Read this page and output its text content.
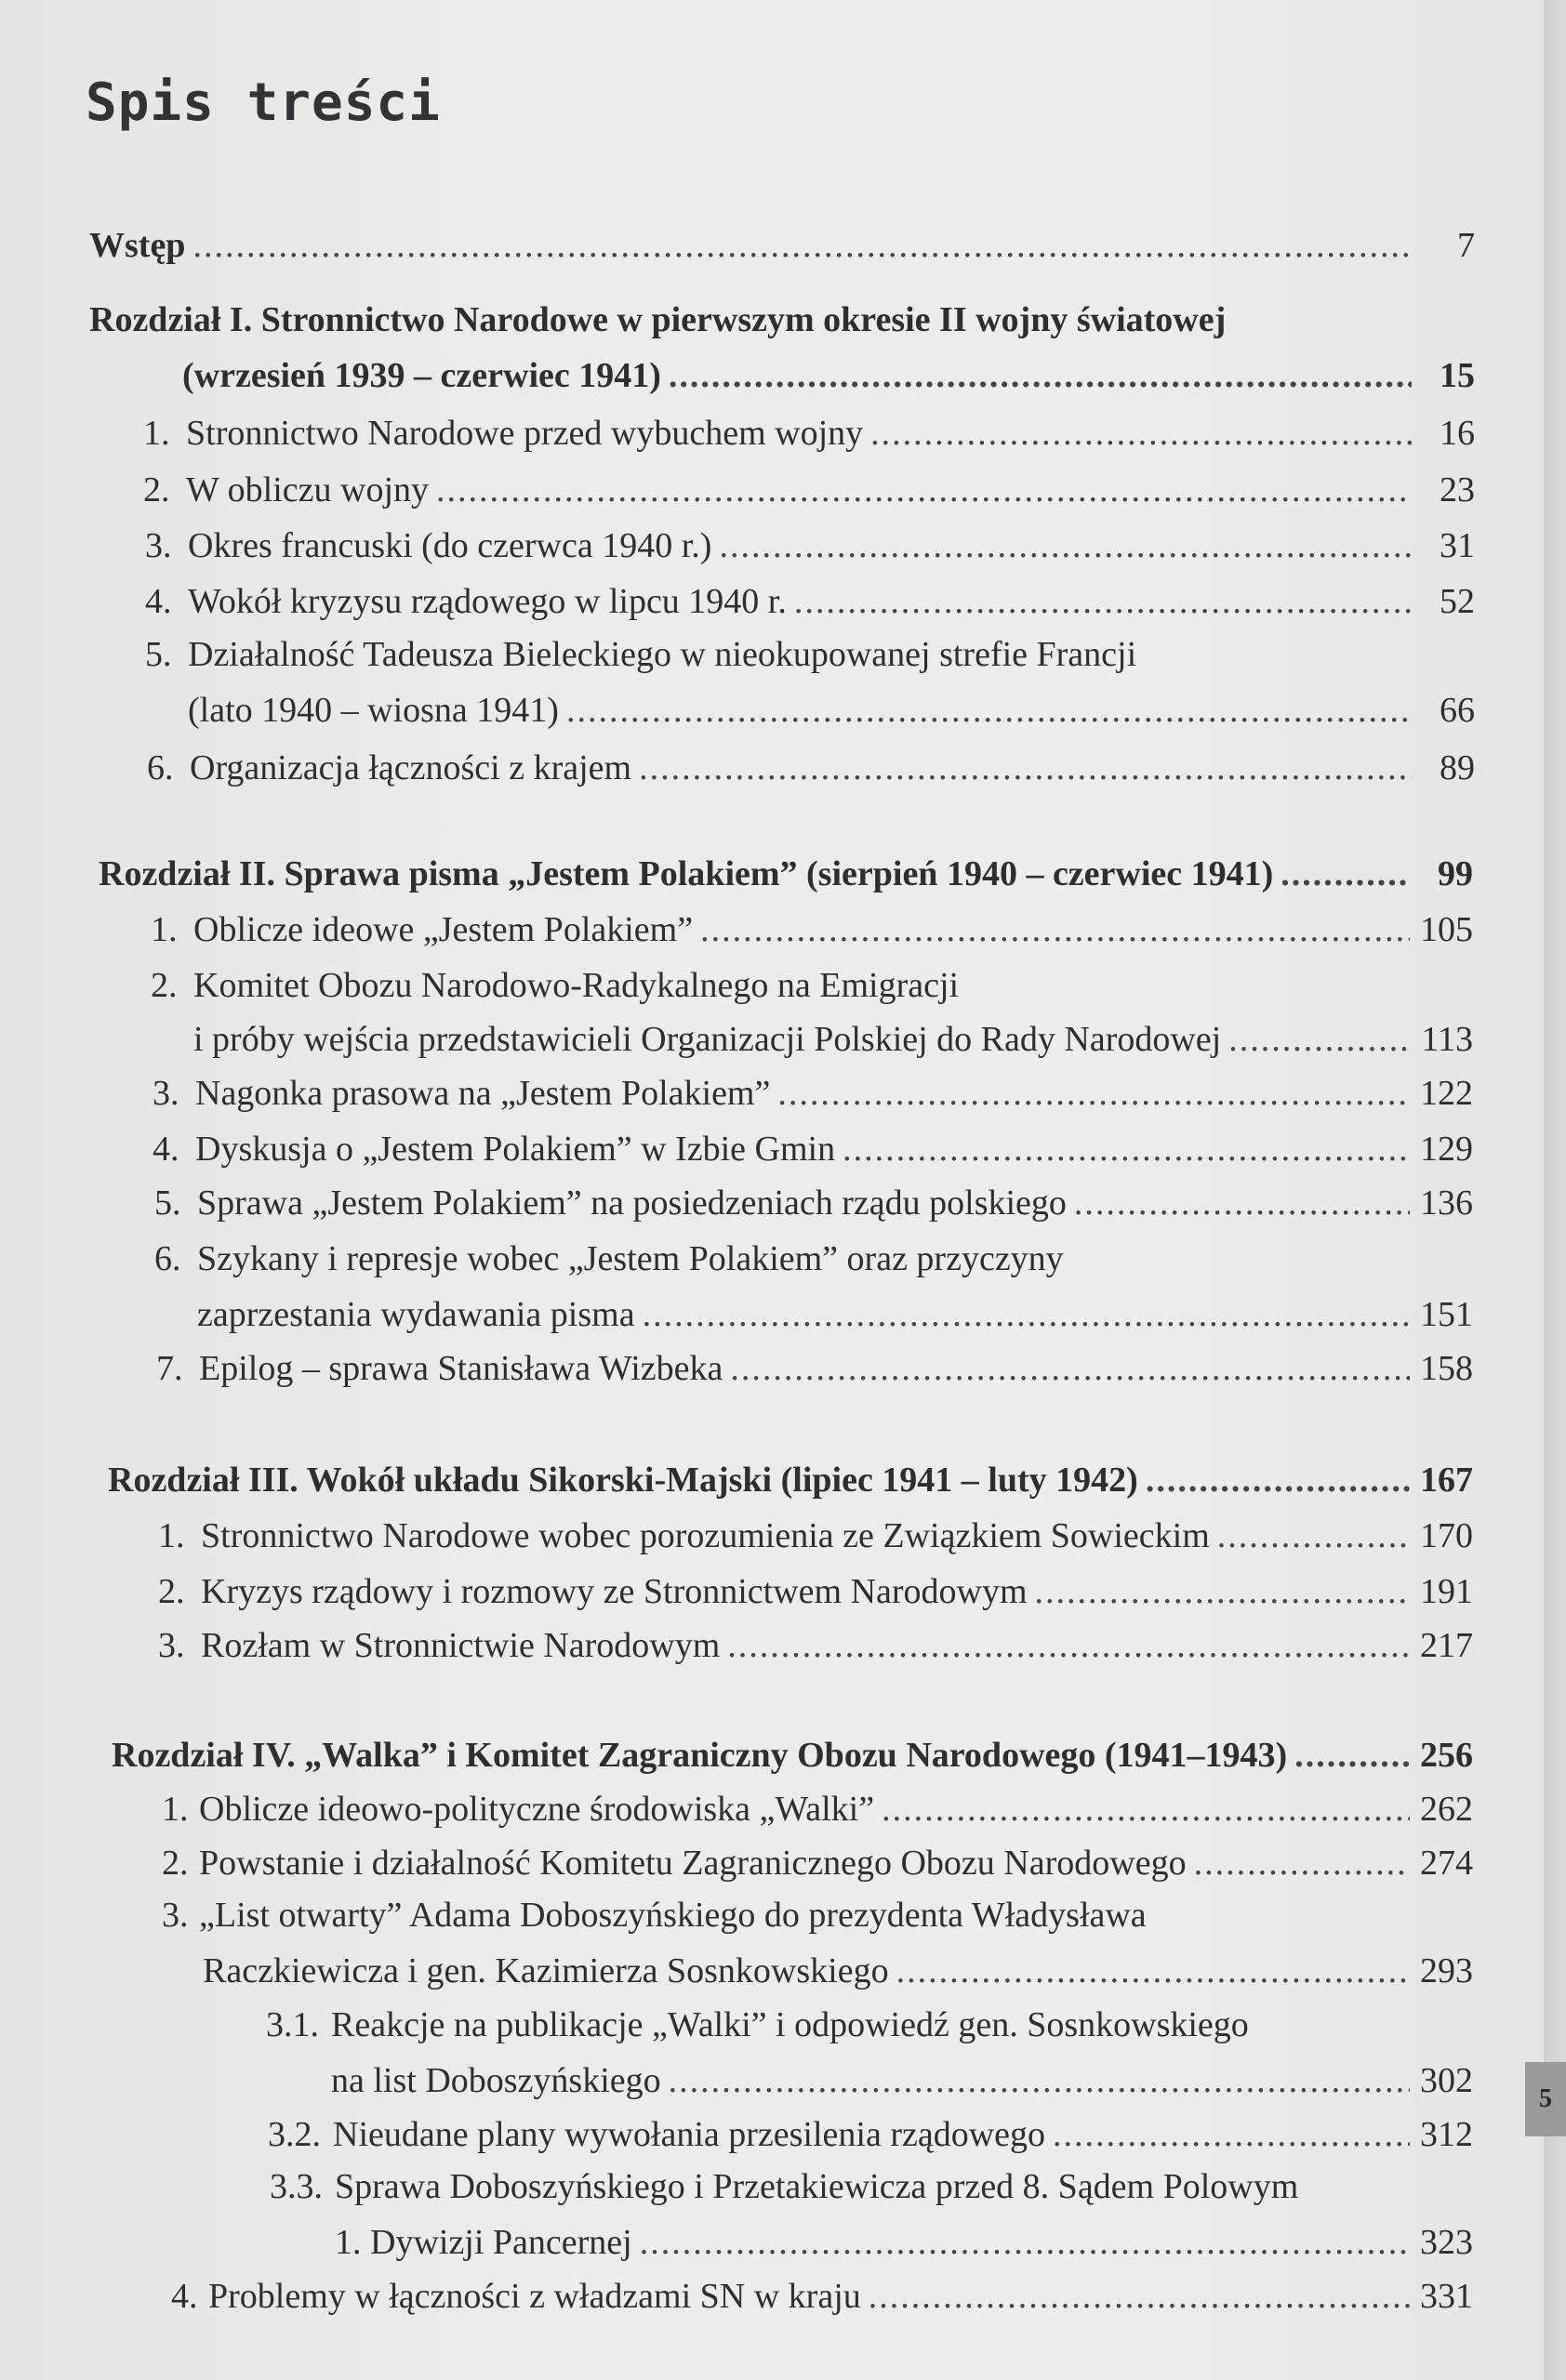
Spis treści
Wstęp .....	7
Rozdział I. Stronnictwo Narodowe w pierwszym okresie II wojny światowej
(wrzesień 1939 – czerwiec 1941) .....	15
1. Stronnictwo Narodowe przed wybuchem wojny .....	16
2. W obliczu wojny .....	23
3. Okres francuski (do czerwca 1940 r.) .....	31
4. Wokół kryzysu rządowego w lipcu 1940 r. .....	52
5. Działalność Tadeusza Bieleckiego w nieokupowanej strefie Francji
(lato 1940 – wiosna 1941) .....	66
6. Organizacja łączności z krajem .....	89
Rozdział II. Sprawa pisma „Jestem Polakiem” (sierpień 1940 – czerwiec 1941) .....	99
1. Oblicze ideowe „Jestem Polakiem” .....	105
2. Komitet Obozu Narodowo-Radykalnego na Emigracji
i próby wejścia przedstawicieli Organizacji Polskiej do Rady Narodowej .....	113
3. Nagonka prasowa na „Jestem Polakiem” .....	122
4. Dyskusja o „Jestem Polakiem” w Izbie Gmin .....	129
5. Sprawa „Jestem Polakiem” na posiedzeniach rządu polskiego .....	136
6. Szykany i represje wobec „Jestem Polakiem” oraz przyczyny
zaprzestania wydawania pisma .....	151
7. Epilog – sprawa Stanisława Wizbeka .....	158
Rozdział III. Wokół układu Sikorski-Majski (lipiec 1941 – luty 1942) .....	167
1. Stronnictwo Narodowe wobec porozumienia ze Związkiem Sowieckim .....	170
2. Kryzys rządowy i rozmowy ze Stronnictwem Narodowym .....	191
3. Rozłam w Stronnictwie Narodowym .....	217
Rozdział IV. „Walka” i Komitet Zagraniczny Obozu Narodowego (1941–1943) .....	256
1. Oblicze ideowo-polityczne środowiska „Walki” .....	262
2. Powstanie i działalność Komitetu Zagranicznego Obozu Narodowego .....	274
3. „List otwarty” Adama Doboszyńskiego do prezydenta Władysława
Raczkiewicza i gen. Kazimierza Sosnkowskiego .....	293
3.1. Reakcje na publikacje „Walki” i odpowiedź gen. Sosnkowskiego
na list Doboszyńskiego .....	302
3.2. Nieudane plany wywołania przesilenia rządowego .....	312
3.3. Sprawa Doboszyńskiego i Przetakiewicza przed 8. Sądem Polowym
1. Dywizji Pancernej .....	323
4. Problemy w łączności z władzami SN w kraju .....	331
5
